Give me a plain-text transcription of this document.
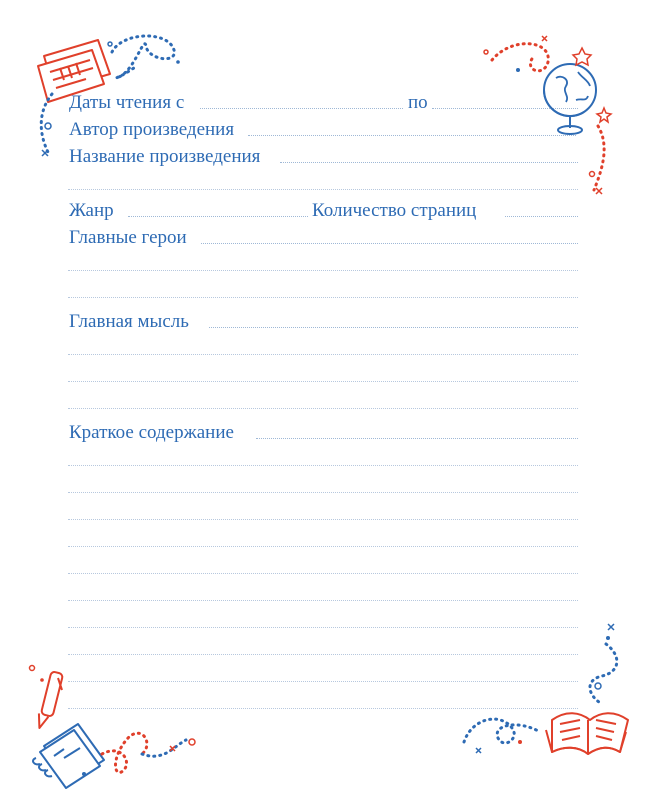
Даты чтения с	по
Автор произведения
Название произведения
Жанр	Количество страниц
Главные герои
Главная мысль
Краткое содержание
